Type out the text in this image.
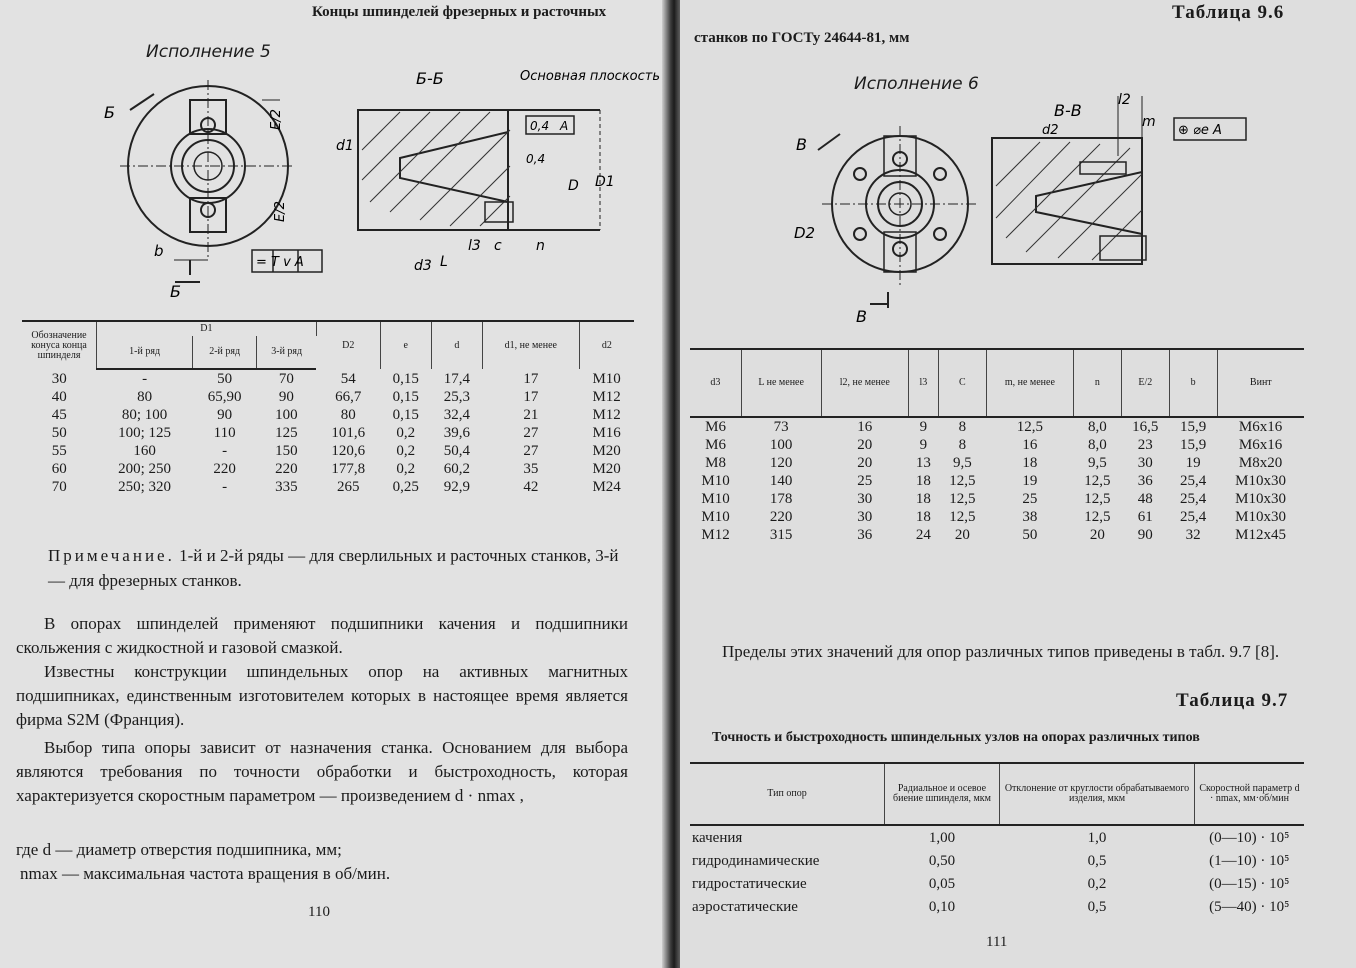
Концы шпинделей фрезерных и расточных
Исполнение 5
Б
b
Б
E/2
E/2
= T v A
d1
D D1
d3 L
l3 c n
Б-Б	Основная плоскость
0,4 A
0,4
Обозначение конуса конца шпинделя	D1			D2	e	d	d1, не менее	d2
	1-й ряд	2-й ряд	3-й ряд					
30	-	50	70	54	0,15	17,4	17	M10
40	80	65,90	90	66,7	0,15	25,3	17	M12
45	80; 100	90	100	80	0,15	32,4	21	M12
50	100; 125	110	125	101,6	0,2	39,6	27	M16
55	160	-	150	120,6	0,2	50,4	27	M20
60	200; 250	220	220	177,8	0,2	60,2	35	M20
70	250; 320	-	335	265	0,25	92,9	42	M24
Примечание. 1-й и 2-й ряды — для сверлильных и расточных станков, 3-й — для фрезерных станков.
В опорах шпинделей применяют подшипники качения и подшипники скольжения с жидкостной и газовой смазкой.
Известны конструкции шпиндельных опор на активных магнитных подшипниках, единственным изготовителем которых в настоящее время является фирма S2M (Франция).
Выбор типа опоры зависит от назначения станка. Основанием для выбора являются требования по точности обработки и быстроходность, которая характеризуется скоростным параметром — произведением d · nmax ,
где d — диаметр отверстия подшипника, мм;
nmax — максимальная частота вращения в об/мин.
110
Таблица 9.6
станков по ГОСТу 24644-81, мм
Исполнение 6
В
В
D2
l2
m
d2
В-В
⊕ ⌀e A
d3	L не менее	l2, не менее	l3	C	m, не менее	n	E/2	b	Винт
M6	73	16	9	8	12,5	8,0	16,5	15,9	M6x16
M6	100	20	9	8	16	8,0	23	15,9	M6x16
M8	120	20	13	9,5	18	9,5	30	19	M8x20
M10	140	25	18	12,5	19	12,5	36	25,4	M10x30
M10	178	30	18	12,5	25	12,5	48	25,4	M10x30
M10	220	30	18	12,5	38	12,5	61	25,4	M10x30
M12	315	36	24	20	50	20	90	32	M12x45
Пределы этих значений для опор различных типов приведены в табл. 9.7 [8].
Таблица 9.7
Точность и быстроходность шпиндельных узлов на опорах различных типов
Тип опор	Радиальное и осевое биение шпинделя, мкм	Отклонение от круглости обрабатываемого изделия, мкм	Скоростной параметр d · nmax, мм·об/мин
качения	1,00	1,0	(0—10) · 10⁵
гидродинамические	0,50	0,5	(1—10) · 10⁵
гидростатические	0,05	0,2	(0—15) · 10⁵
аэростатические	0,10	0,5	(5—40) · 10⁵
111
